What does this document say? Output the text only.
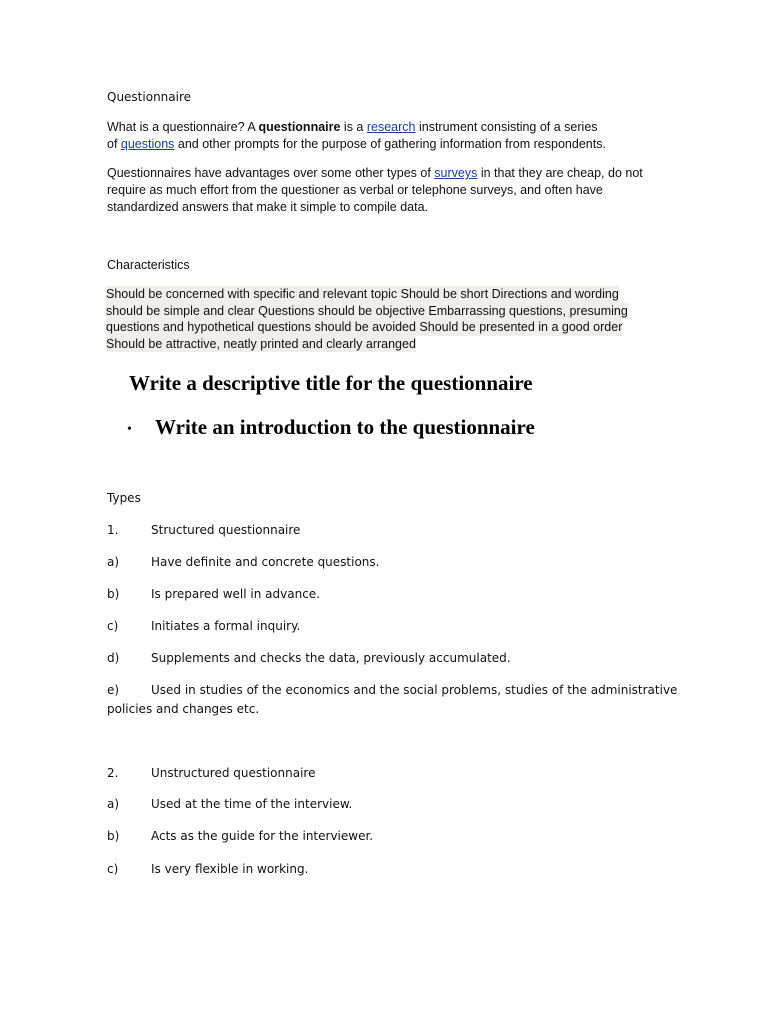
Questionnaire
What is a questionnaire? A questionnaire is a research instrument consisting of a series
of questions and other prompts for the purpose of gathering information from respondents.
Questionnaires have advantages over some other types of surveys in that they are cheap, do not
require as much effort from the questioner as verbal or telephone surveys, and often have
standardized answers that make it simple to compile data.
Characteristics
Should be concerned with specific and relevant topic Should be short Directions and wording
should be simple and clear Questions should be objective Embarrassing questions, presuming
questions and hypothetical questions should be avoided Should be presented in a good order
Should be attractive, neatly printed and clearly arranged
Write a descriptive title for the questionnaire
• Write an introduction to the questionnaire
Types
1.	Structured questionnaire
a)	Have definite and concrete questions.
b)	Is prepared well in advance.
c)	Initiates a formal inquiry.
d)	Supplements and checks the data, previously accumulated.
e)	Used in studies of the economics and the social problems, studies of the administrative
policies and changes etc.
2.	Unstructured questionnaire
a)	Used at the time of the interview.
b)	Acts as the guide for the interviewer.
c)	Is very flexible in working.
